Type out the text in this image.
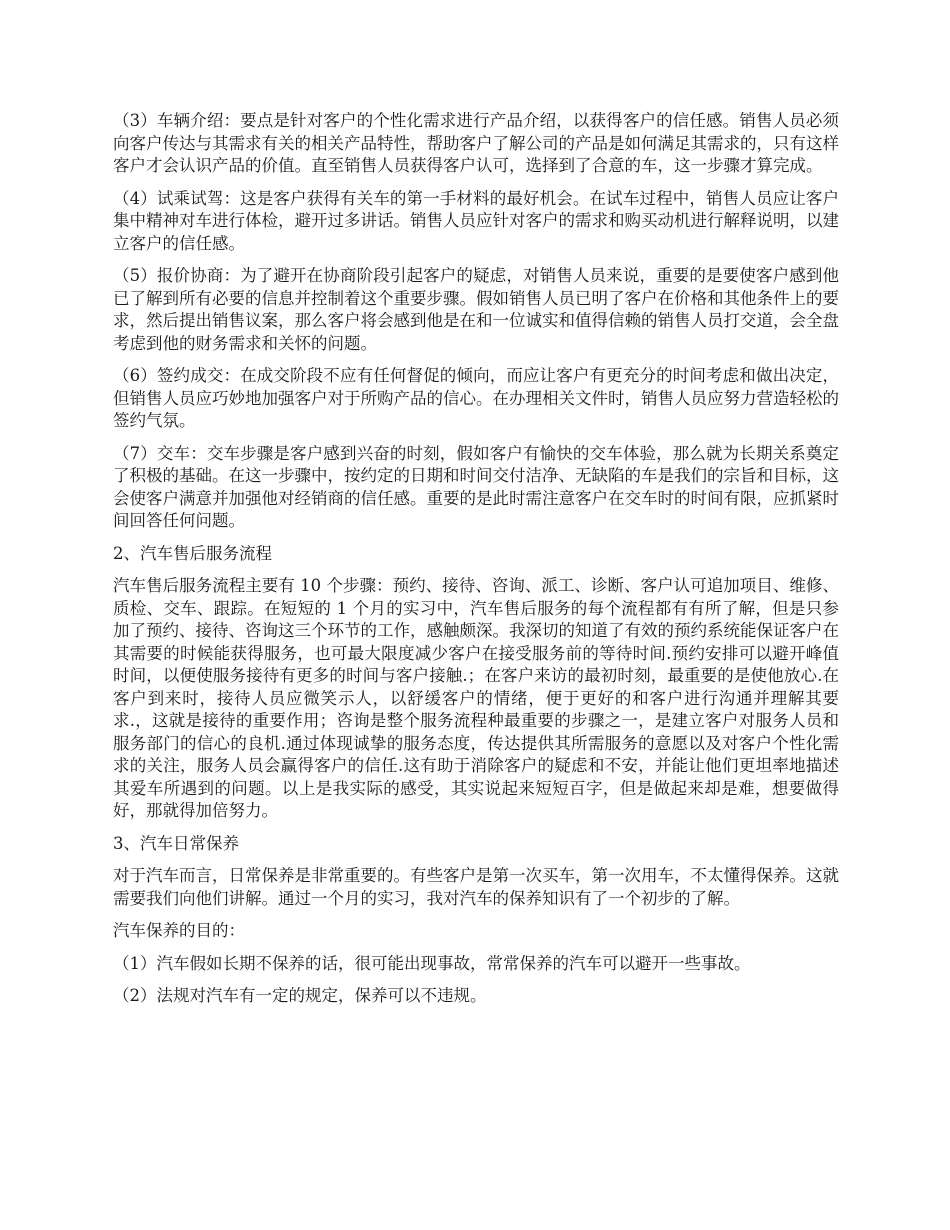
（3）车辆介绍：要点是针对客户的个性化需求进行产品介绍，以获得客户的信任感。销售人员必须向客户传达与其需求有关的相关产品特性，帮助客户了解公司的产品是如何满足其需求的，只有这样客户才会认识产品的价值。直至销售人员获得客户认可，选择到了合意的车，这一步骤才算完成。

（4）试乘试驾：这是客户获得有关车的第一手材料的最好机会。在试车过程中，销售人员应让客户集中精神对车进行体检，避开过多讲话。销售人员应针对客户的需求和购买动机进行解释说明，以建立客户的信任感。

（5）报价协商：为了避开在协商阶段引起客户的疑虑，对销售人员来说，重要的是要使客户感到他已了解到所有必要的信息并控制着这个重要步骤。假如销售人员已明了客户在价格和其他条件上的要求，然后提出销售议案，那么客户将会感到他是在和一位诚实和值得信赖的销售人员打交道，会全盘考虑到他的财务需求和关怀的问题。

（6）签约成交：在成交阶段不应有任何督促的倾向，而应让客户有更充分的时间考虑和做出决定，但销售人员应巧妙地加强客户对于所购产品的信心。在办理相关文件时，销售人员应努力营造轻松的签约气氛。

（7）交车：交车步骤是客户感到兴奋的时刻，假如客户有愉快的交车体验，那么就为长期关系奠定了积极的基础。在这一步骤中，按约定的日期和时间交付洁净、无缺陷的车是我们的宗旨和目标，这会使客户满意并加强他对经销商的信任感。重要的是此时需注意客户在交车时的时间有限，应抓紧时间回答任何问题。

2、汽车售后服务流程

汽车售后服务流程主要有 10 个步骤：预约、接待、咨询、派工、诊断、客户认可追加项目、维修、质检、交车、跟踪。在短短的 1 个月的实习中，汽车售后服务的每个流程都有有所了解，但是只参加了预约、接待、咨询这三个环节的工作，感触颇深。我深切的知道了有效的预约系统能保证客户在其需要的时候能获得服务，也可最大限度减少客户在接受服务前的等待时间.预约安排可以避开峰值时间，以便使服务接待有更多的时间与客户接触.；在客户来访的最初时刻，最重要的是使他放心.在客户到来时，接待人员应微笑示人，以舒缓客户的情绪，便于更好的和客户进行沟通并理解其要求.，这就是接待的重要作用；咨询是整个服务流程种最重要的步骤之一，是建立客户对服务人员和服务部门的信心的良机.通过体现诚挚的服务态度，传达提供其所需服务的意愿以及对客户个性化需求的关注，服务人员会赢得客户的信任.这有助于消除客户的疑虑和不安，并能让他们更坦率地描述其爱车所遇到的问题。以上是我实际的感受，其实说起来短短百字，但是做起来却是难，想要做得好，那就得加倍努力。

3、汽车日常保养

对于汽车而言，日常保养是非常重要的。有些客户是第一次买车，第一次用车，不太懂得保养。这就需要我们向他们讲解。通过一个月的实习，我对汽车的保养知识有了一个初步的了解。

汽车保养的目的：

（1）汽车假如长期不保养的话，很可能出现事故，常常保养的汽车可以避开一些事故。

（2）法规对汽车有一定的规定，保养可以不违规。
